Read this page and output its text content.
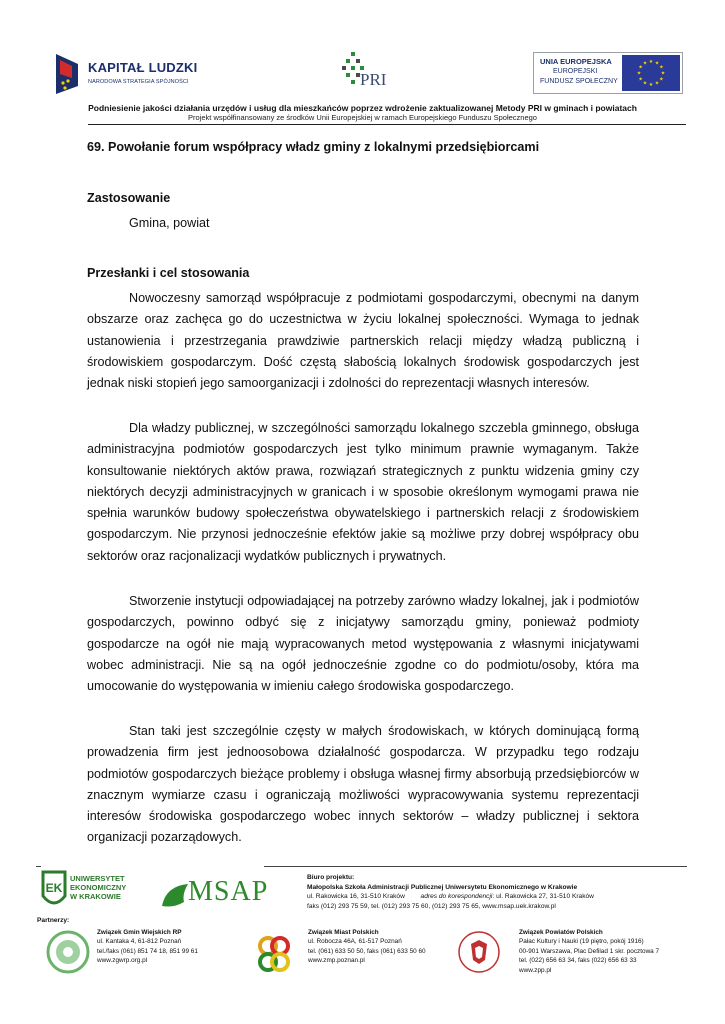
KAPITAŁ LUDZKI
NARODOWA STRATEGIA SPÓJNOŚCI	PRI
UNIA EUROPEJSKA
EUROPEJSKI
FUNDUSZ SPOŁECZNY
★ ★
★
★
★
★
★
★
★
★
★
★
Podniesienie jakości działania urzędów i usług dla mieszkańców poprzez wdrożenie zaktualizowanej Metody PRI w gminach i powiatach
Projekt współfinansowany ze środków Unii Europejskiej w ramach Europejskiego Funduszu Społecznego
69. Powołanie forum współpracy władz gminy z lokalnymi przedsiębiorcami
Zastosowanie
Gmina, powiat
Przesłanki i cel stosowania

Nowoczesny samorząd współpracuje z podmiotami gospodarczymi, obecnymi na danym obszarze oraz zachęca go do uczestnictwa w życiu lokalnej społeczności. Wymaga to jednak ustanowienia i przestrzegania prawdziwie partnerskich relacji między władzą publiczną i środowiskiem gospodarczym. Dość częstą słabością lokalnych środowisk gospodarczych jest jednak niski stopień jego samoorganizacji i zdolności do reprezentacji własnych interesów.

Dla władzy publicznej, w szczególności samorządu lokalnego szczebla gminnego, obsługa administracyjna podmiotów gospodarczych jest tylko minimum prawnie wymaganym. Także konsultowanie niektórych aktów prawa, rozwiązań strategicznych z punktu widzenia gminy czy niektórych decyzji administracyjnych w granicach i w sposobie określonym wymogami prawa nie spełnia warunków budowy społeczeństwa obywatelskiego i partnerskich relacji z środowiskiem gospodarczym. Nie przynosi jednocześnie efektów jakie są możliwe przy dobrej współpracy obu sektorów oraz racjonalizacji wydatków publicznych i prywatnych.

Stworzenie instytucji odpowiadającej na potrzeby zarówno władzy lokalnej, jak i podmiotów gospodarczych, powinno odbyć się z inicjatywy samorządu gminy, ponieważ podmioty gospodarcze na ogół nie mają wypracowanych metod występowania z własnymi inicjatywami wobec administracji. Nie są na ogół jednocześnie zgodne co do podmiotu/osoby, która ma umocowanie do występowania w imieniu całego środowiska gospodarczego.

Stan taki jest szczególnie częsty w małych środowiskach, w których dominującą formą prowadzenia firm jest jednoosobowa działalność gospodarcza. W przypadku tego rodzaju podmiotów gospodarczych bieżące problemy i obsługa własnej firmy absorbują przedsiębiorców w znacznym wymiarze czasu i ograniczają możliwości wypracowywania systemu reprezentacji interesów środowiska gospodarczego wobec innych sektorów – władzy publicznej i sektora organizacji pozarządowych.

EK
UNIWERSYTET
EKONOMICZNY
W KRAKOWIE MSAP	Biuro projektu:
Małopolska Szkoła Administracji Publicznej Uniwersytetu Ekonomicznego w Krakowie
ul. Rakowicka 16, 31-510 Kraków adres do korespondencji: ul. Rakowicka 27, 31-510 Kraków
faks (012) 293 75 59, tel. (012) 293 75 60, (012) 293 75 65, www.msap.uek.krakow.pl
Partnerzy:
Związek Gmin Wiejskich RP
ul. Kantaka 4, 61-812 Poznań
tel./faks (061) 851 74 18, 851 99 61
www.zgwrp.org.pl
Związek Miast Polskich
ul. Robocza 46A, 61-517 Poznań
tel. (061) 633 50 50, faks (061) 633 50 60
www.zmp.poznan.pl
Związek Powiatów Polskich
Pałac Kultury i Nauki (19 piętro, pokój 1916)
00-901 Warszawa, Plac Defilad 1 skr. pocztowa 7
tel. (022) 656 63 34, faks (022) 656 63 33
www.zpp.pl
